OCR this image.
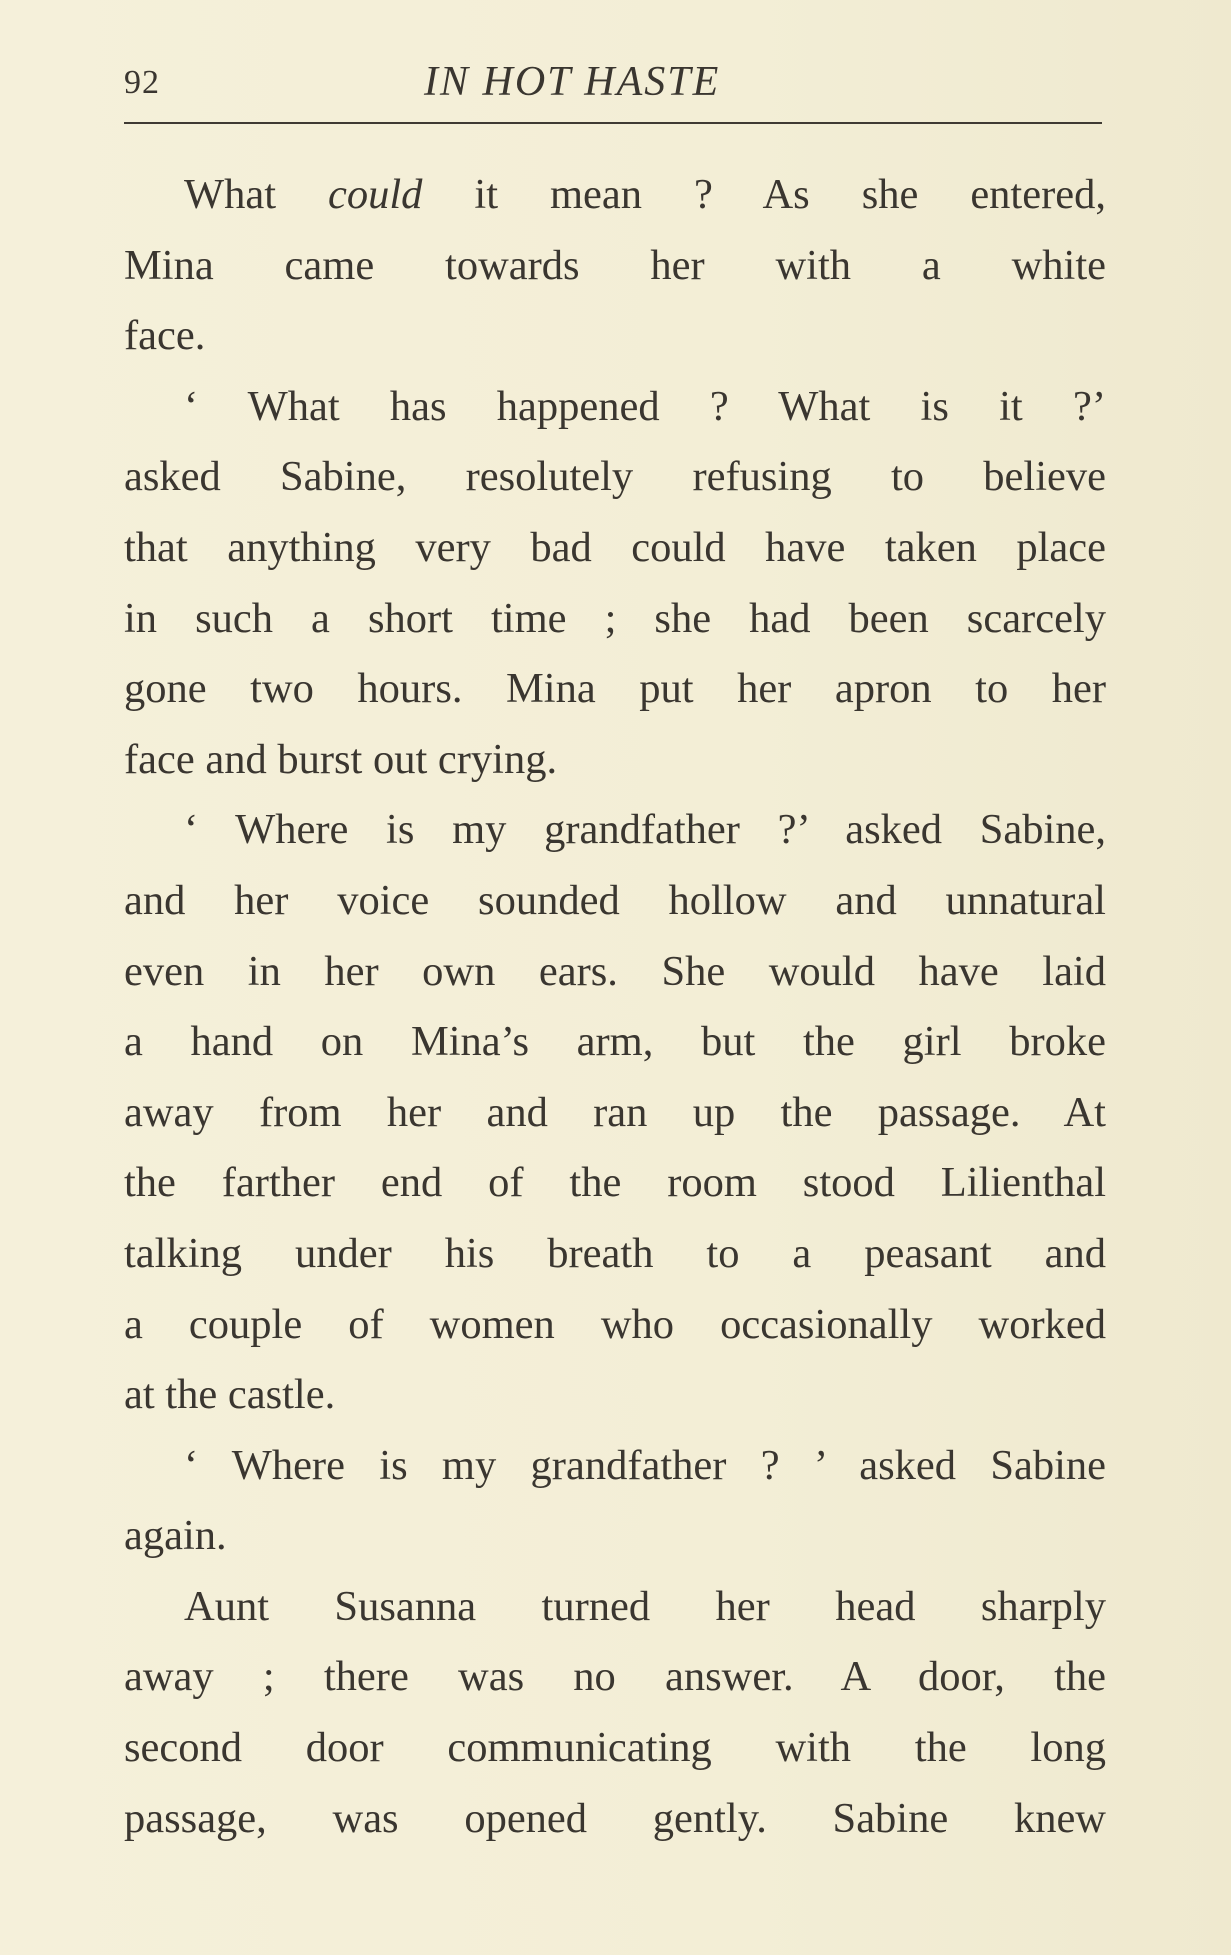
92	IN HOT HASTE
What could it mean ? As she entered,
Mina came towards her with a white
face.
‘ What has happened ? What is it ?’
asked Sabine, resolutely refusing to believe
that anything very bad could have taken place
in such a short time ; she had been scarcely
gone two hours. Mina put her apron to her
face and burst out crying.
‘ Where is my grandfather ?’ asked Sabine,
and her voice sounded hollow and unnatural
even in her own ears. She would have laid
a hand on Mina’s arm, but the girl broke
away from her and ran up the passage. At
the farther end of the room stood Lilienthal
talking under his breath to a peasant and
a couple of women who occasionally worked
at the castle.
‘ Where is my grandfather ? ’ asked Sabine
again.
Aunt Susanna turned her head sharply
away ; there was no answer. A door, the
second door communicating with the long
passage, was opened gently. Sabine knew
